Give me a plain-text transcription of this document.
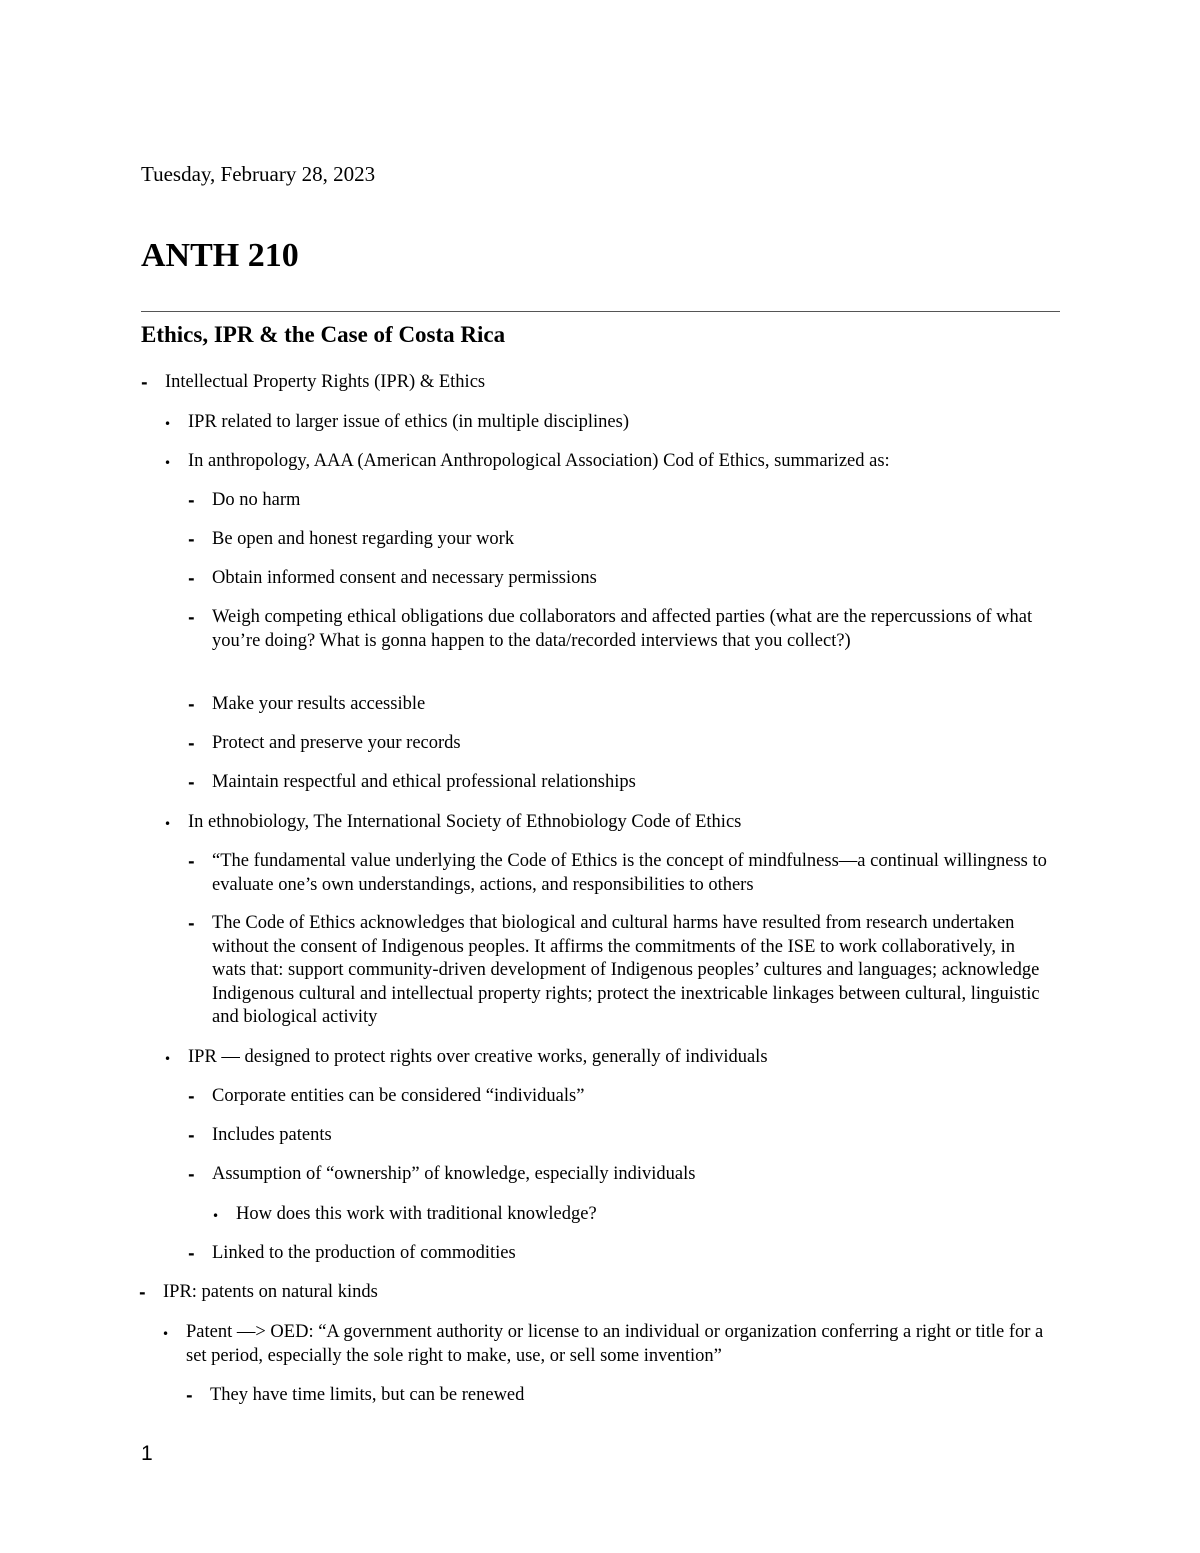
Tuesday, February 28, 2023
ANTH 210
Ethics, IPR & the Case of Costa Rica
- Intellectual Property Rights (IPR) & Ethics
• IPR related to larger issue of ethics (in multiple disciplines)
• In anthropology, AAA (American Anthropological Association) Cod of Ethics, summarized as:
- Do no harm
- Be open and honest regarding your work
- Obtain informed consent and necessary permissions
- Weigh competing ethical obligations due collaborators and affected parties (what are the repercussions of what you’re doing? What is gonna happen to the data/recorded interviews that you collect?)
- Make your results accessible
- Protect and preserve your records
- Maintain respectful and ethical professional relationships
• In ethnobiology, The International Society of Ethnobiology Code of Ethics
- “The fundamental value underlying the Code of Ethics is the concept of mindfulness—a continual willingness to evaluate one’s own understandings, actions, and responsibilities to others
- The Code of Ethics acknowledges that biological and cultural harms have resulted from research undertaken without the consent of Indigenous peoples. It affirms the commitments of the ISE to work collaboratively, in wats that: support community-driven development of Indigenous peoples’ cultures and languages; acknowledge Indigenous cultural and intellectual property rights; protect the inextricable linkages between cultural, linguistic and biological activity
• IPR — designed to protect rights over creative works, generally of individuals
- Corporate entities can be considered “individuals”
- Includes patents
- Assumption of “ownership” of knowledge, especially individuals
• How does this work with traditional knowledge?
- Linked to the production of commodities
- IPR: patents on natural kinds
• Patent —> OED: “A government authority or license to an individual or organization conferring a right or title for a set period, especially the sole right to make, use, or sell some invention”
- They have time limits, but can be renewed
1
